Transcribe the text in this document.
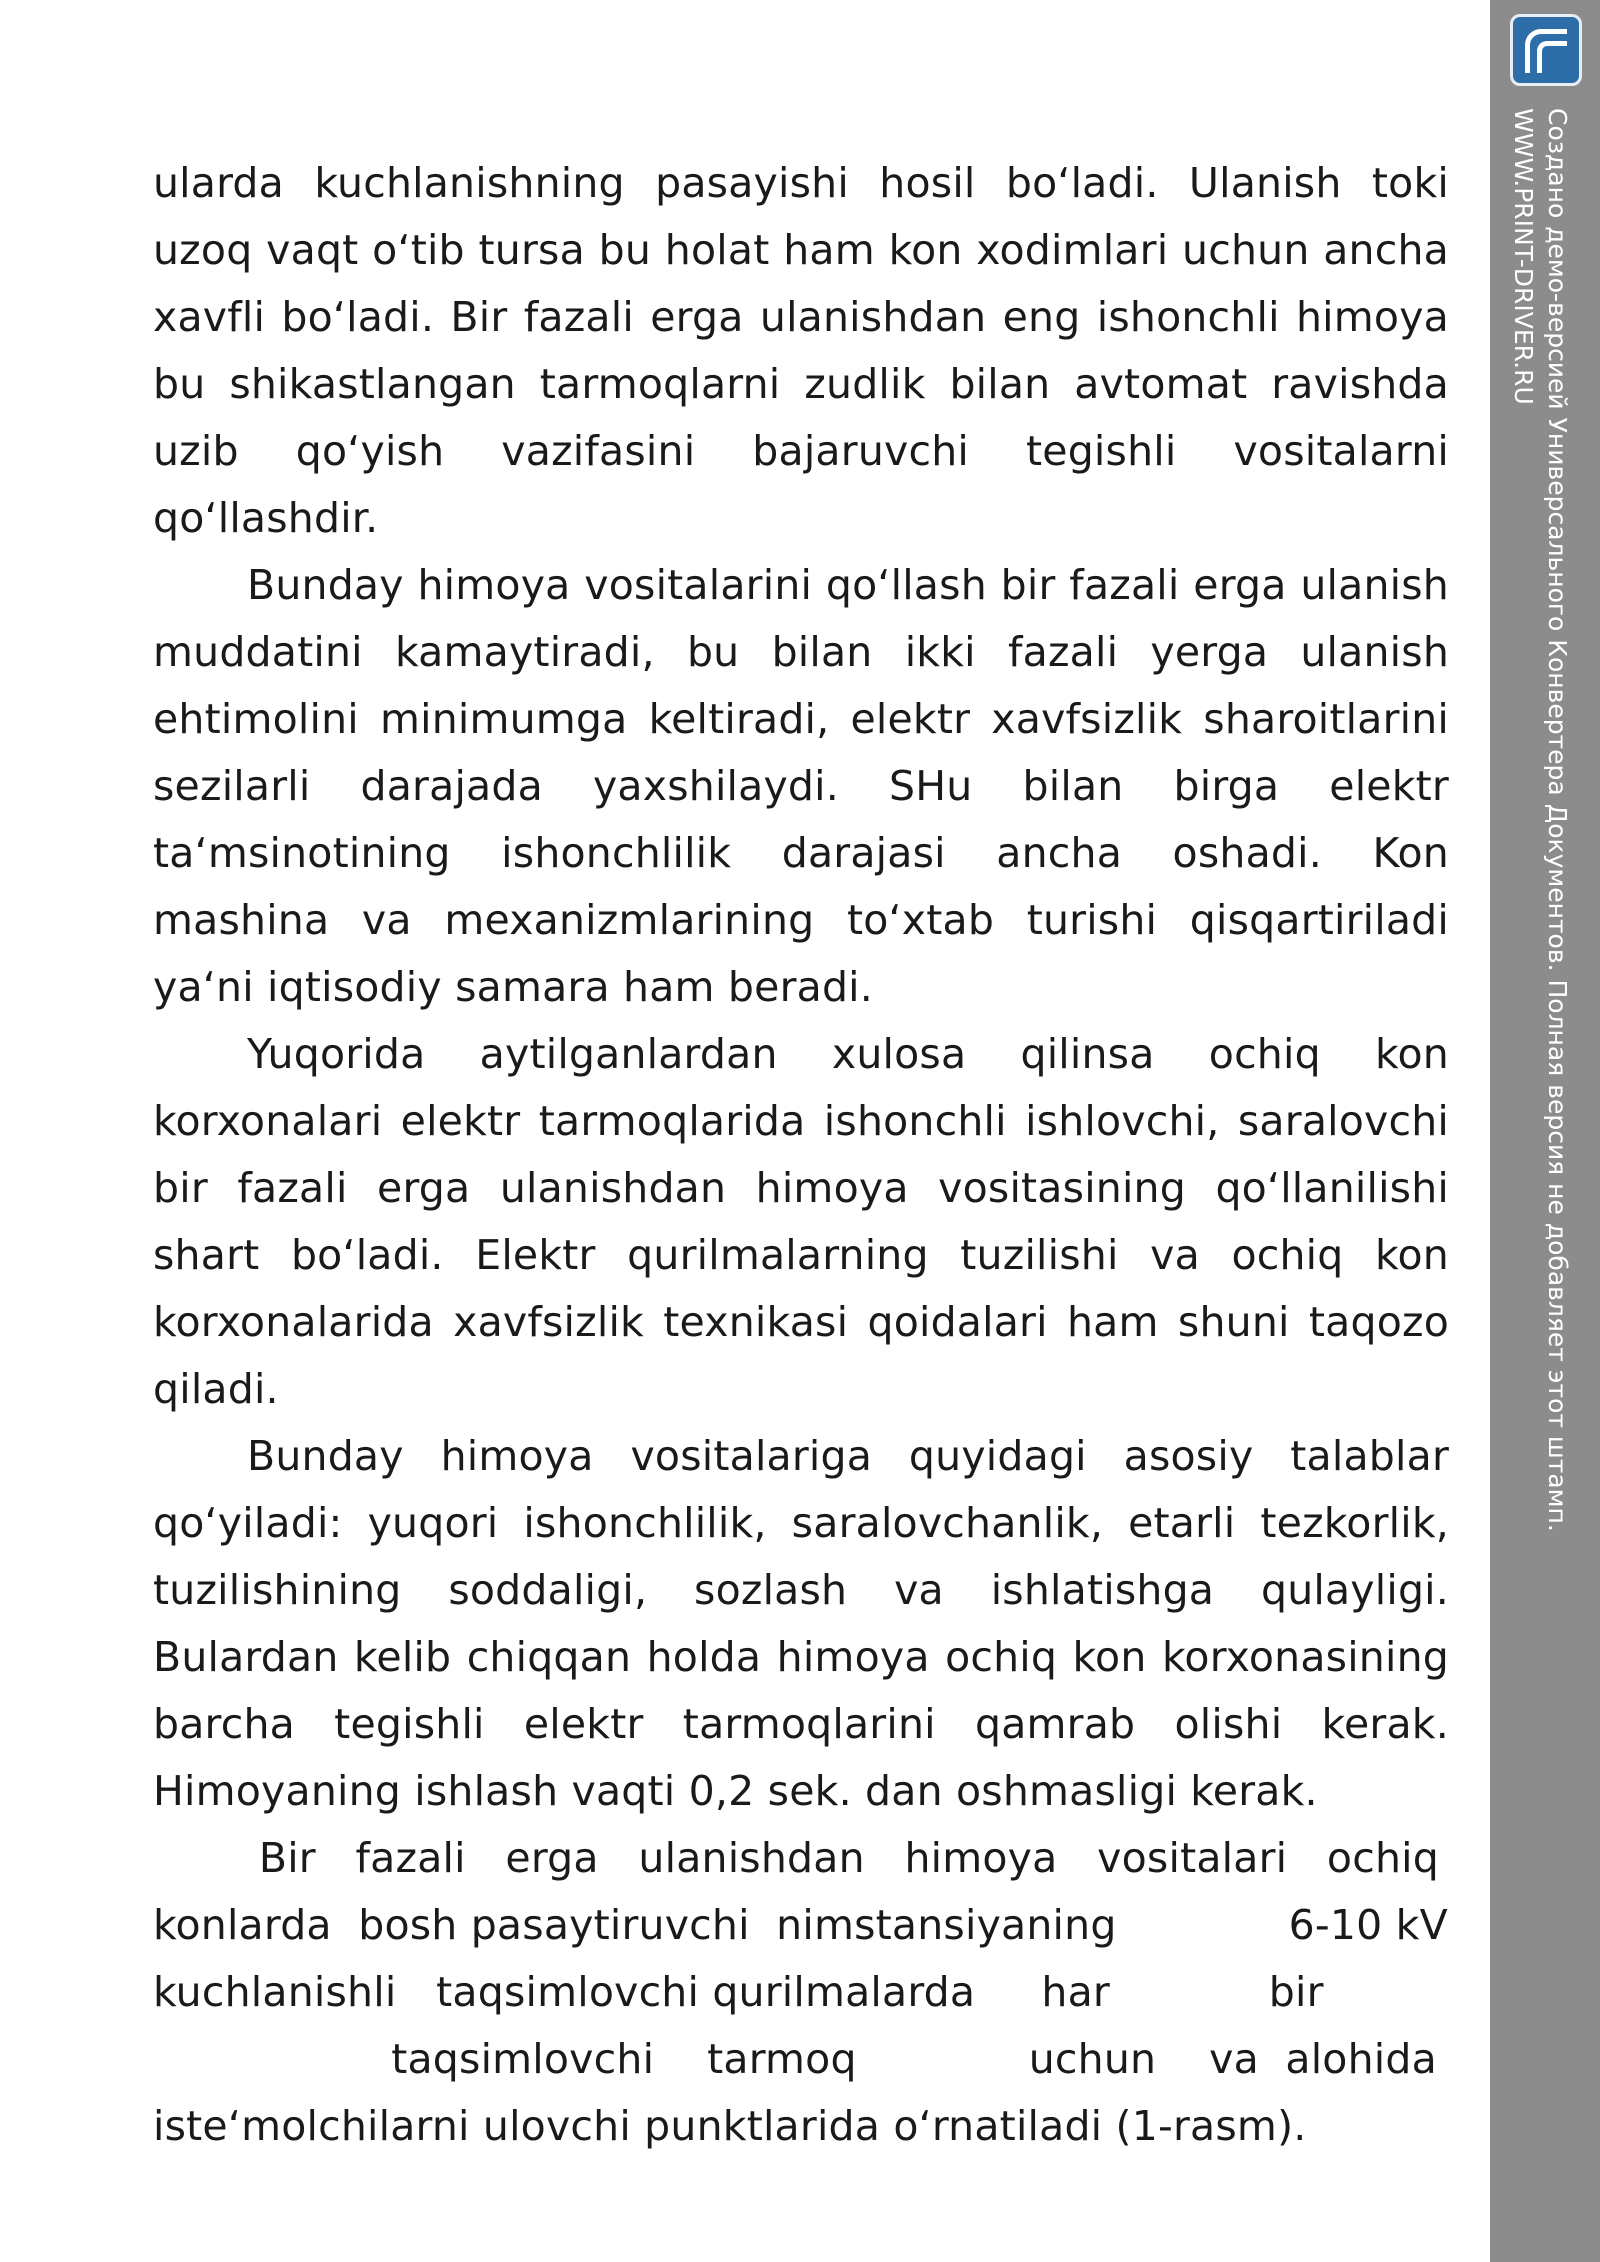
ularda kuchlanishning pasayishi hosil boʻladi. Ulanish toki uzoq vaqt oʻtib tursa bu holat ham kon xodimlari uchun ancha xavfli boʻladi. Bir fazali erga ulanishdan eng ishonchli himoya bu shikastlangan tarmoqlarni zudlik bilan avtomat ravishda uzib qoʻyish vazifasini bajaruvchi tegishli vositalarni qoʻllashdir.

Bunday himoya vositalarini qoʻllash bir fazali erga ulanish muddatini kamaytiradi, bu bilan ikki fazali yerga ulanish ehtimolini minimumga keltiradi, elektr xavfsizlik sharoitlarini sezilarli darajada yaxshilaydi. SHu bilan birga elektr taʻmsinotining ishonchlilik darajasi ancha oshadi. Kon mashina va mexanizmlarining toʻxtab turishi qisqartiriladi yaʻni iqtisodiy samara ham beradi.

Yuqorida aytilganlardan xulosa qilinsa ochiq kon korxonalari elektr tarmoqlarida ishonchli ishlovchi, saralovchi bir fazali erga ulanishdan himoya vositasining qoʻllanilishi shart boʻladi. Elektr qurilmalarning tuzilishi va ochiq kon korxonalarida xavfsizlik texnikasi qoidalari ham shuni taqozo qiladi.

Bunday himoya vositalariga quyidagi asosiy talablar qoʻyiladi: yuqori ishonchlilik, saralovchanlik, etarli tezkorlik, tuzilishining soddaligi, sozlash va ishlatishga qulayligi. Bulardan kelib chiqqan holda himoya ochiq kon korxonasining barcha tegishli elektr tarmoqlarini qamrab olishi kerak. Himoyaning ishlash vaqti 0,2 sek. dan oshmasligi kerak.

Bir   fazali   erga   ulanishdan   himoya   vositalari   ochiq
konlarda  bosh pasaytiruvchi  nimstansiyaning             6-10 kV
kuchlanishli   taqsimlovchi qurilmalarda     har            bir
taqsimlovchi    tarmoq             uchun    va  alohida
isteʻmolchilarni ulovchi punktlarida oʻrnatiladi (1-rasm).

Создано демо-версией Универсального Конвертера Документов. Полная версия не добавляет этот штамп.
WWW.PRINT-DRIVER.RU
